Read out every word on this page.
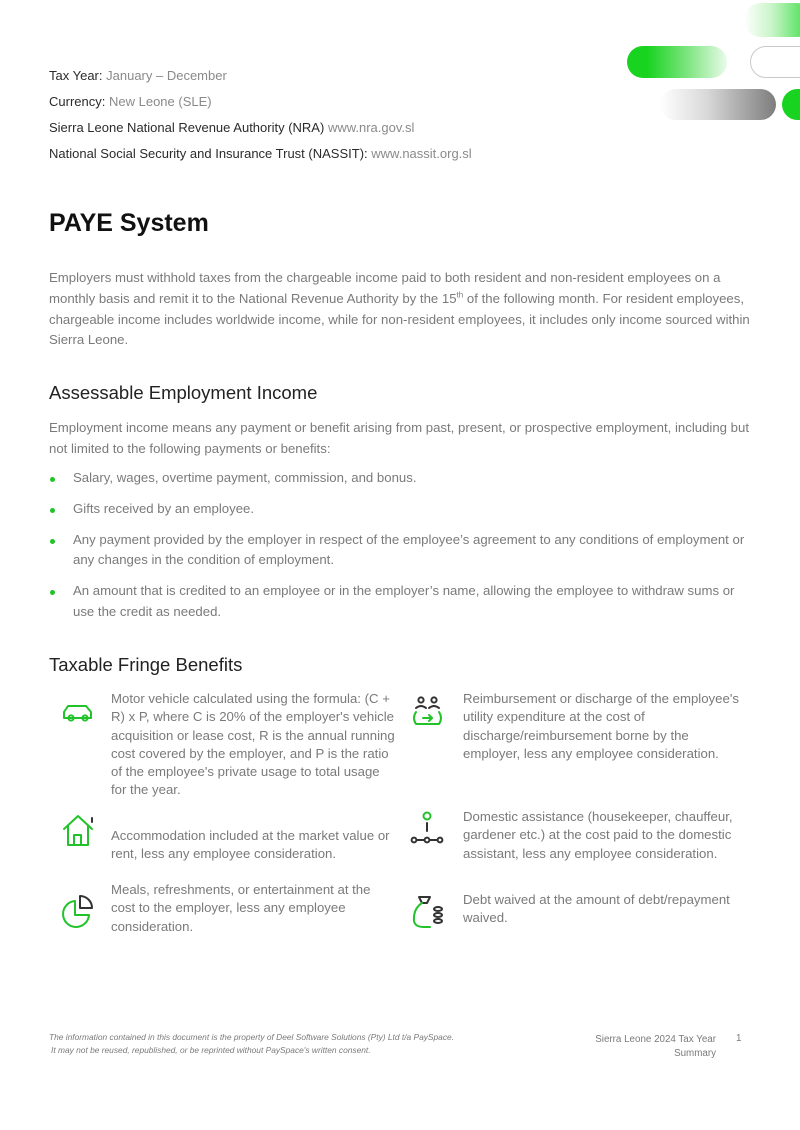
Tax Year: January – December
Currency: New Leone (SLE)
Sierra Leone National Revenue Authority (NRA) www.nra.gov.sl
National Social Security and Insurance Trust (NASSIT): www.nassit.org.sl
PAYE System

Employers must withhold taxes from the chargeable income paid to both resident and non-resident employees on a monthly basis and remit it to the National Revenue Authority by the 15th of the following month. For resident employees, chargeable income includes worldwide income, while for non-resident employees, it includes only income sourced within Sierra Leone.

Assessable Employment Income

Employment income means any payment or benefit arising from past, present, or prospective employment, including but not limited to the following payments or benefits:

Salary, wages, overtime payment, commission, and bonus.
Gifts received by an employee.
Any payment provided by the employer in respect of the employee’s agreement to any conditions of employment or any changes in the condition of employment.
An amount that is credited to an employee or in the employer’s name, allowing the employee to withdraw sums or use the credit as needed.
Taxable Fringe Benefits

Motor vehicle calculated using the formula: (C + R) x P, where C is 20% of the employer's vehicle acquisition or lease cost, R is the annual running cost covered by the employer, and P is the ratio of the employee's private usage to total usage for the year.

Reimbursement or discharge of the employee's utility expenditure at the cost of discharge/reimbursement borne by the employer, less any employee consideration.

Accommodation included at the market value or rent, less any employee consideration.

Domestic assistance (housekeeper, chauffeur, gardener etc.) at the cost paid to the domestic assistant, less any employee consideration.

Meals, refreshments, or entertainment at the cost to the employer, less any employee consideration.

Debt waived at the amount of debt/repayment waived.

The information contained in this document is the property of Deel Software Solutions (Pty) Ltd t/a PaySpace.
It may not be reused, republished, or be reprinted without PaySpace's written consent.
Sierra Leone 2024 Tax Year
Summary
1
